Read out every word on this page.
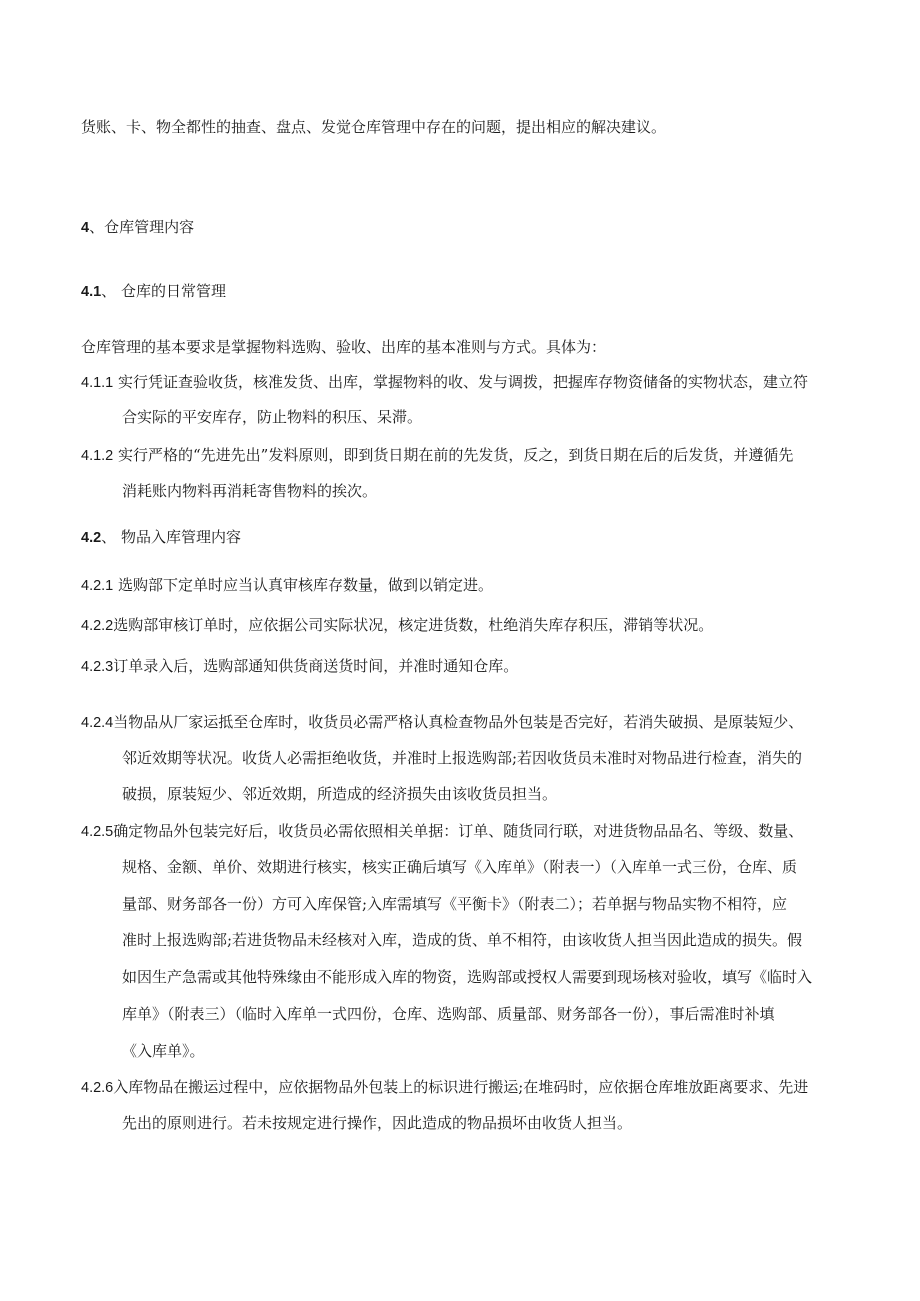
货账、卡、物全都性的抽查、盘点、发觉仓库管理中存在的问题，提出相应的解决建议。
4、仓库管理内容
4.1、 仓库的日常管理
仓库管理的基本要求是掌握物料选购、验收、出库的基本准则与方式。具体为：
4.1.1 实行凭证查验收货，核准发货、出库，掌握物料的收、发与调拨，把握库存物资储备的实物状态，建立符
合实际的平安库存，防止物料的积压、呆滞。
4.1.2 实行严格的“先进先出”发料原则，即到货日期在前的先发货，反之，到货日期在后的后发货，并遵循先
消耗账内物料再消耗寄售物料的挨次。
4.2、 物品入库管理内容
4.2.1 选购部下定单时应当认真审核库存数量，做到以销定进。
4.2.2选购部审核订单时，应依据公司实际状况，核定进货数，杜绝消失库存积压，滞销等状况。
4.2.3订单录入后，选购部通知供货商送货时间，并准时通知仓库。
4.2.4当物品从厂家运抵至仓库时，收货员必需严格认真检查物品外包装是否完好，若消失破损、是原装短少、
邻近效期等状况。收货人必需拒绝收货，并准时上报选购部;若因收货员未准时对物品进行检查，消失的
破损，原装短少、邻近效期，所造成的经济损失由该收货员担当。
4.2.5确定物品外包装完好后，收货员必需依照相关单据：订单、随货同行联，对进货物品品名、等级、数量、
规格、金额、单价、效期进行核实，核实正确后填写《入库单》（附表一）（入库单一式三份，仓库、质
量部、财务部各一份）方可入库保管;入库需填写《平衡卡》（附表二）；若单据与物品实物不相符，应
准时上报选购部;若进货物品未经核对入库，造成的货、单不相符，由该收货人担当因此造成的损失。假
如因生产急需或其他特殊缘由不能形成入库的物资，选购部或授权人需要到现场核对验收，填写《临时入
库单》（附表三）（临时入库单一式四份，仓库、选购部、质量部、财务部各一份），事后需准时补填
《入库单》。
4.2.6入库物品在搬运过程中，应依据物品外包装上的标识进行搬运;在堆码时，应依据仓库堆放距离要求、先进
先出的原则进行。若未按规定进行操作，因此造成的物品损坏由收货人担当。
